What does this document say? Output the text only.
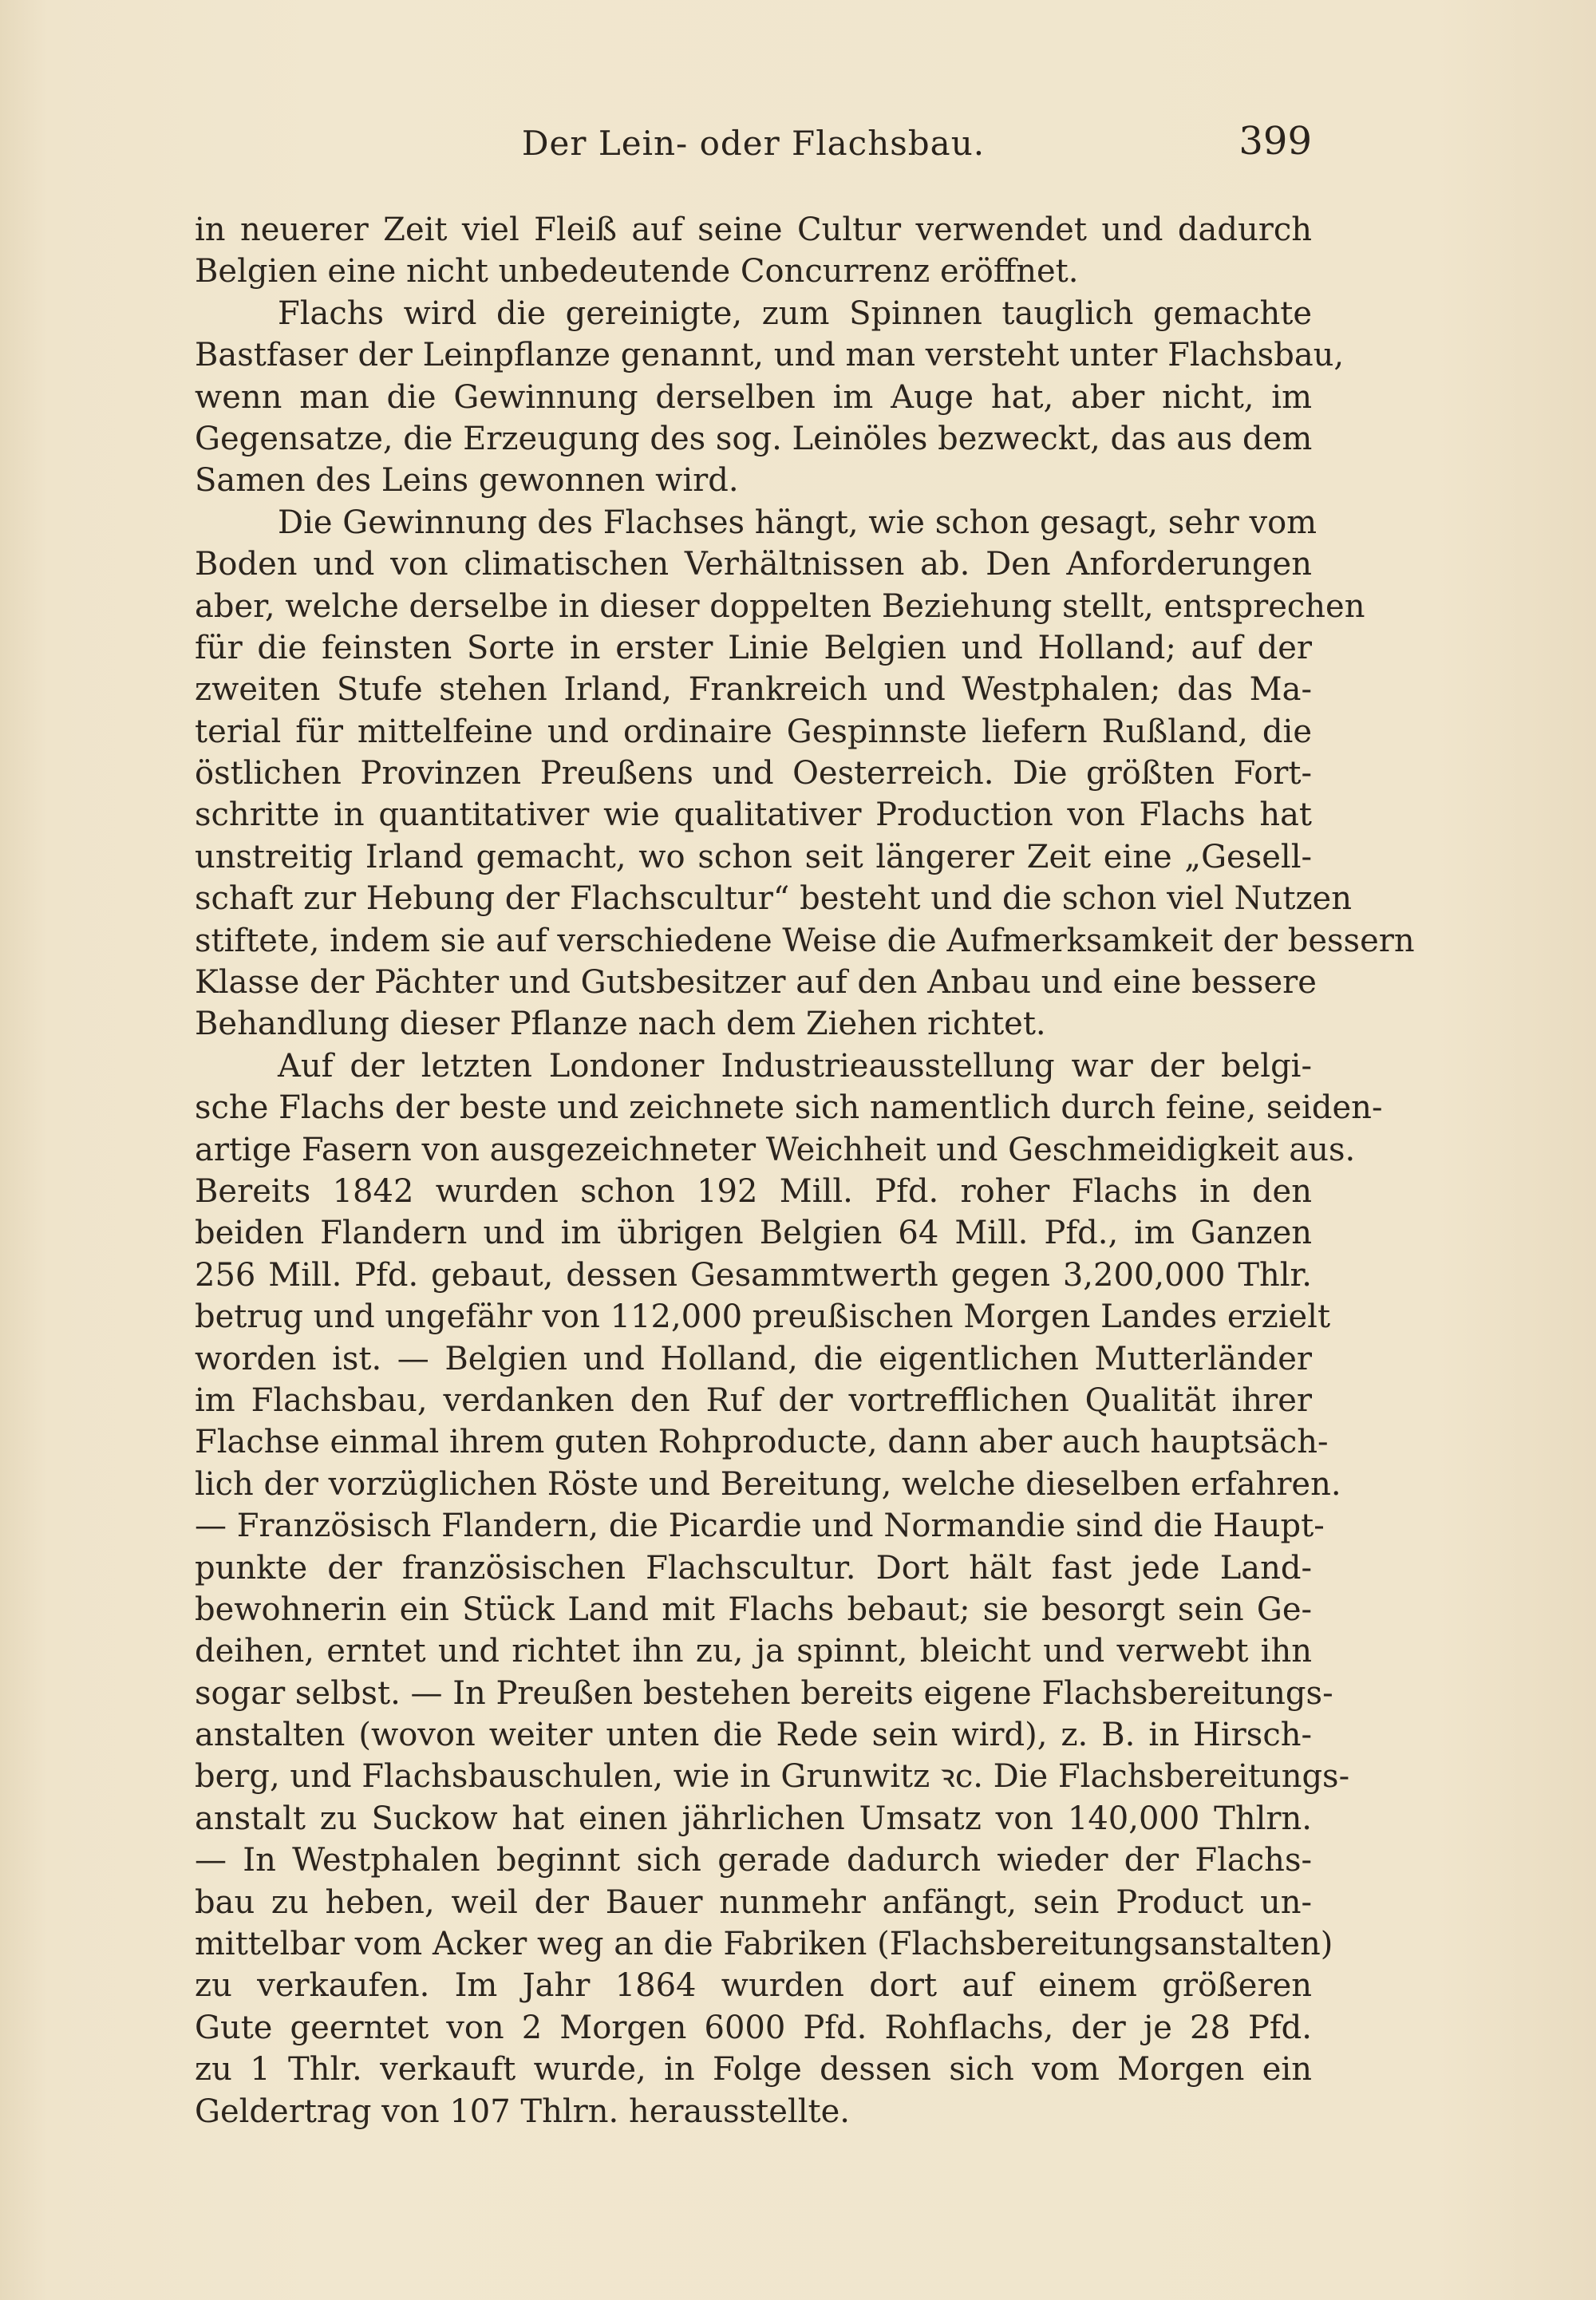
Der Lein- oder Flachsbau.	399
in neuerer Zeit viel Fleiß auf seine Cultur verwendet und dadurch
Belgien eine nicht unbedeutende Concurrenz eröffnet.
Flachs wird die gereinigte, zum Spinnen tauglich gemachte
Bastfaser der Leinpflanze genannt, und man versteht unter Flachsbau,
wenn man die Gewinnung derselben im Auge hat, aber nicht, im
Gegensatze, die Erzeugung des sog. Leinöles bezweckt, das aus dem
Samen des Leins gewonnen wird.
Die Gewinnung des Flachses hängt, wie schon gesagt, sehr vom
Boden und von climatischen Verhältnissen ab. Den Anforderungen
aber, welche derselbe in dieser doppelten Beziehung stellt, entsprechen
für die feinsten Sorte in erster Linie Belgien und Holland; auf der
zweiten Stufe stehen Irland, Frankreich und Westphalen; das Ma-
terial für mittelfeine und ordinaire Gespinnste liefern Rußland, die
östlichen Provinzen Preußens und Oesterreich. Die größten Fort-
schritte in quantitativer wie qualitativer Production von Flachs hat
unstreitig Irland gemacht, wo schon seit längerer Zeit eine „Gesell-
schaft zur Hebung der Flachscultur“ besteht und die schon viel Nutzen
stiftete, indem sie auf verschiedene Weise die Aufmerksamkeit der bessern
Klasse der Pächter und Gutsbesitzer auf den Anbau und eine bessere
Behandlung dieser Pflanze nach dem Ziehen richtet.
Auf der letzten Londoner Industrieausstellung war der belgi-
sche Flachs der beste und zeichnete sich namentlich durch feine, seiden-
artige Fasern von ausgezeichneter Weichheit und Geschmeidigkeit aus.
Bereits 1842 wurden schon 192 Mill. Pfd. roher Flachs in den
beiden Flandern und im übrigen Belgien 64 Mill. Pfd., im Ganzen
256 Mill. Pfd. gebaut, dessen Gesammtwerth gegen 3,200,000 Thlr.
betrug und ungefähr von 112,000 preußischen Morgen Landes erzielt
worden ist. — Belgien und Holland, die eigentlichen Mutterländer
im Flachsbau, verdanken den Ruf der vortrefflichen Qualität ihrer
Flachse einmal ihrem guten Rohproducte, dann aber auch hauptsäch-
lich der vorzüglichen Röste und Bereitung, welche dieselben erfahren.
— Französisch Flandern, die Picardie und Normandie sind die Haupt-
punkte der französischen Flachscultur. Dort hält fast jede Land-
bewohnerin ein Stück Land mit Flachs bebaut; sie besorgt sein Ge-
deihen, erntet und richtet ihn zu, ja spinnt, bleicht und verwebt ihn
sogar selbst. — In Preußen bestehen bereits eigene Flachsbereitungs-
anstalten (wovon weiter unten die Rede sein wird), z. B. in Hirsch-
berg, und Flachsbauschulen, wie in Grunwitz ꝛc. Die Flachsbereitungs-
anstalt zu Suckow hat einen jährlichen Umsatz von 140,000 Thlrn.
— In Westphalen beginnt sich gerade dadurch wieder der Flachs-
bau zu heben, weil der Bauer nunmehr anfängt, sein Product un-
mittelbar vom Acker weg an die Fabriken (Flachsbereitungsanstalten)
zu verkaufen. Im Jahr 1864 wurden dort auf einem größeren
Gute geerntet von 2 Morgen 6000 Pfd. Rohflachs, der je 28 Pfd.
zu 1 Thlr. verkauft wurde, in Folge dessen sich vom Morgen ein
Geldertrag von 107 Thlrn. herausstellte.
